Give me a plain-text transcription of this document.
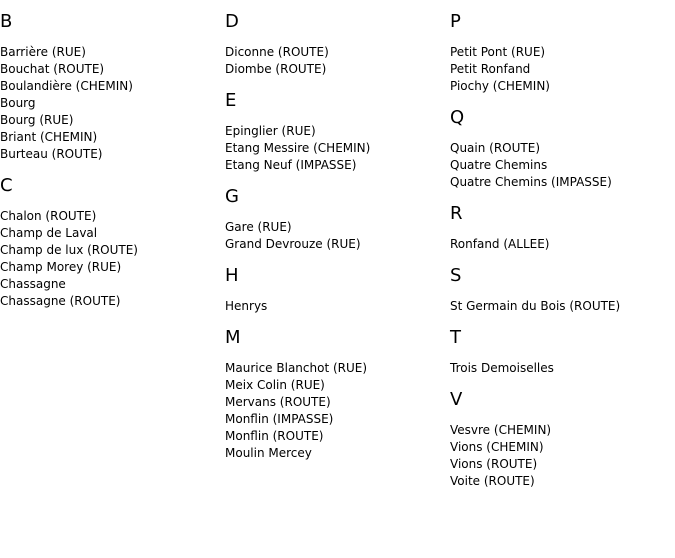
B
Barrière (RUE)
Bouchat (ROUTE)
Boulandière (CHEMIN)
Bourg
Bourg (RUE)
Briant (CHEMIN)
Burteau (ROUTE)
C
Chalon (ROUTE)
Champ de Laval
Champ de lux (ROUTE)
Champ Morey (RUE)
Chassagne
Chassagne (ROUTE)
D
Diconne (ROUTE)
Diombe (ROUTE)
E
Epinglier (RUE)
Etang Messire (CHEMIN)
Etang Neuf (IMPASSE)
G
Gare (RUE)
Grand Devrouze (RUE)
H
Henrys
M
Maurice Blanchot (RUE)
Meix Colin (RUE)
Mervans (ROUTE)
Monflin (IMPASSE)
Monflin (ROUTE)
Moulin Mercey
P
Petit Pont (RUE)
Petit Ronfand
Piochy (CHEMIN)
Q
Quain (ROUTE)
Quatre Chemins
Quatre Chemins (IMPASSE)
R
Ronfand (ALLEE)
S
St Germain du Bois (ROUTE)
T
Trois Demoiselles
V
Vesvre (CHEMIN)
Vions (CHEMIN)
Vions (ROUTE)
Voite (ROUTE)
